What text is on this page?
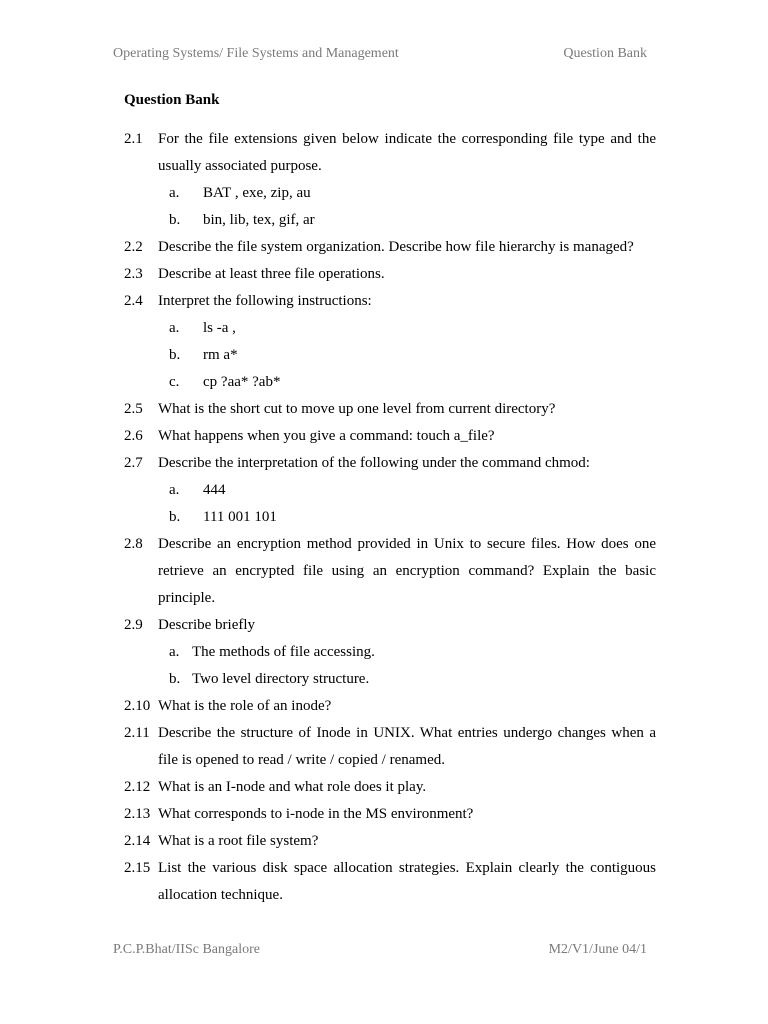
Operating Systems/ File Systems and Management	Question Bank
Question Bank
2.1 For the file extensions given below indicate the corresponding file type and the
usually associated purpose.
a. BAT , exe, zip, au
b. bin, lib, tex, gif, ar
2.2 Describe the file system organization. Describe how file hierarchy is managed?
2.3 Describe at least three file operations.
2.4 Interpret the following instructions:
a. ls -a ,
b. rm a*
c. cp ?aa* ?ab*
2.5 What is the short cut to move up one level from current directory?
2.6 What happens when you give a command: touch a_file?
2.7 Describe the interpretation of the following under the command chmod:
a. 444
b. 111 001 101
2.8 Describe an encryption method provided in Unix to secure files. How does one
retrieve an encrypted file using an encryption command? Explain the basic
principle.
2.9 Describe briefly
a. The methods of file accessing.
b. Two level directory structure.
2.10 What is the role of an inode?
2.11 Describe the structure of Inode in UNIX. What entries undergo changes when a
file is opened to read / write / copied / renamed.
2.12 What is an I-node and what role does it play.
2.13 What corresponds to i-node in the MS environment?
2.14 What is a root file system?
2.15 List the various disk space allocation strategies. Explain clearly the contiguous
allocation technique.
P.C.P.Bhat/IISc Bangalore	M2/V1/June 04/1
